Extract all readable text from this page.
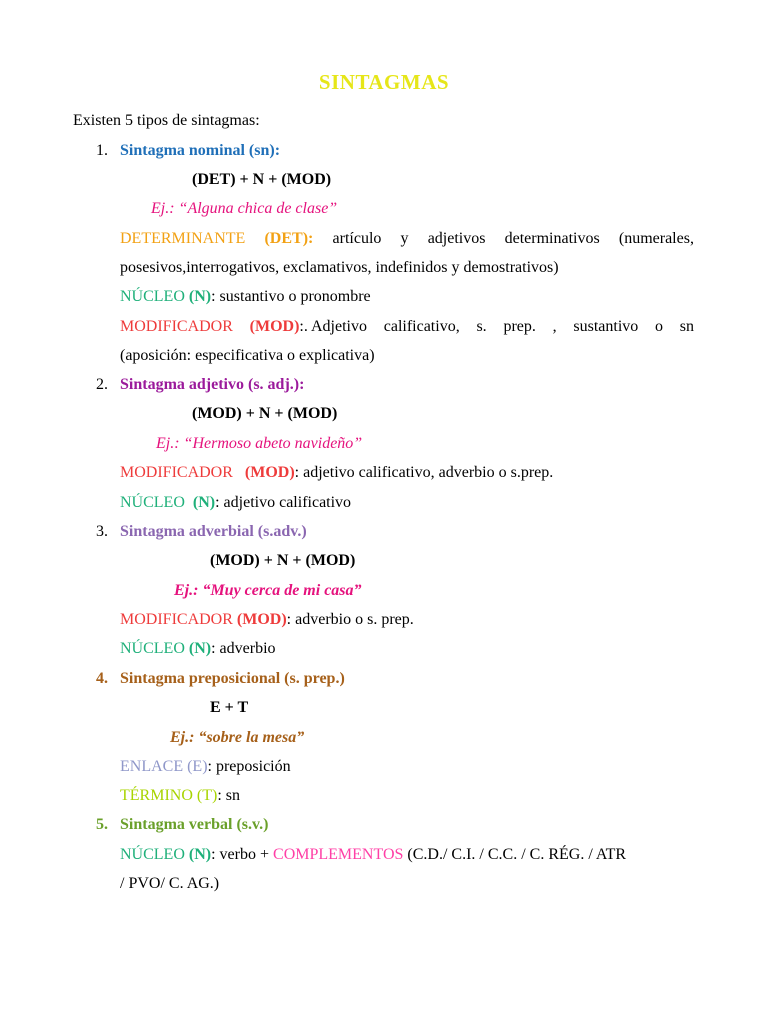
SINTAGMAS
Existen 5 tipos de sintagmas:
1. Sintagma nominal (sn):
(DET) + N + (MOD)
Ej.: “Alguna chica de clase”
DETERMINANTE (DET): artículo y adjetivos determinativos (numerales,
posesivos,interrogativos, exclamativos, indefinidos y demostrativos)
NÚCLEO (N): sustantivo o pronombre
MODIFICADOR (MOD):. Adjetivo calificativo, s. prep. , sustantivo o sn
(aposición: especificativa o explicativa)
2. Sintagma adjetivo (s. adj.):
(MOD) + N + (MOD)
Ej.: “Hermoso abeto navideño”
MODIFICADOR (MOD): adjetivo calificativo, adverbio o s.prep.
NÚCLEO (N): adjetivo calificativo
3. Sintagma adverbial (s.adv.)
(MOD) + N + (MOD)
Ej.: “Muy cerca de mi casa”
MODIFICADOR (MOD): adverbio o s. prep.
NÚCLEO (N): adverbio
4. Sintagma preposicional (s. prep.)
E + T
Ej.: “sobre la mesa”
ENLACE (E): preposición
TÉRMINO (T): sn
5. Sintagma verbal (s.v.)
NÚCLEO (N): verbo + COMPLEMENTOS (C.D./ C.I. / C.C. / C. RÉG. / ATR
/ PVO/ C. AG.)
